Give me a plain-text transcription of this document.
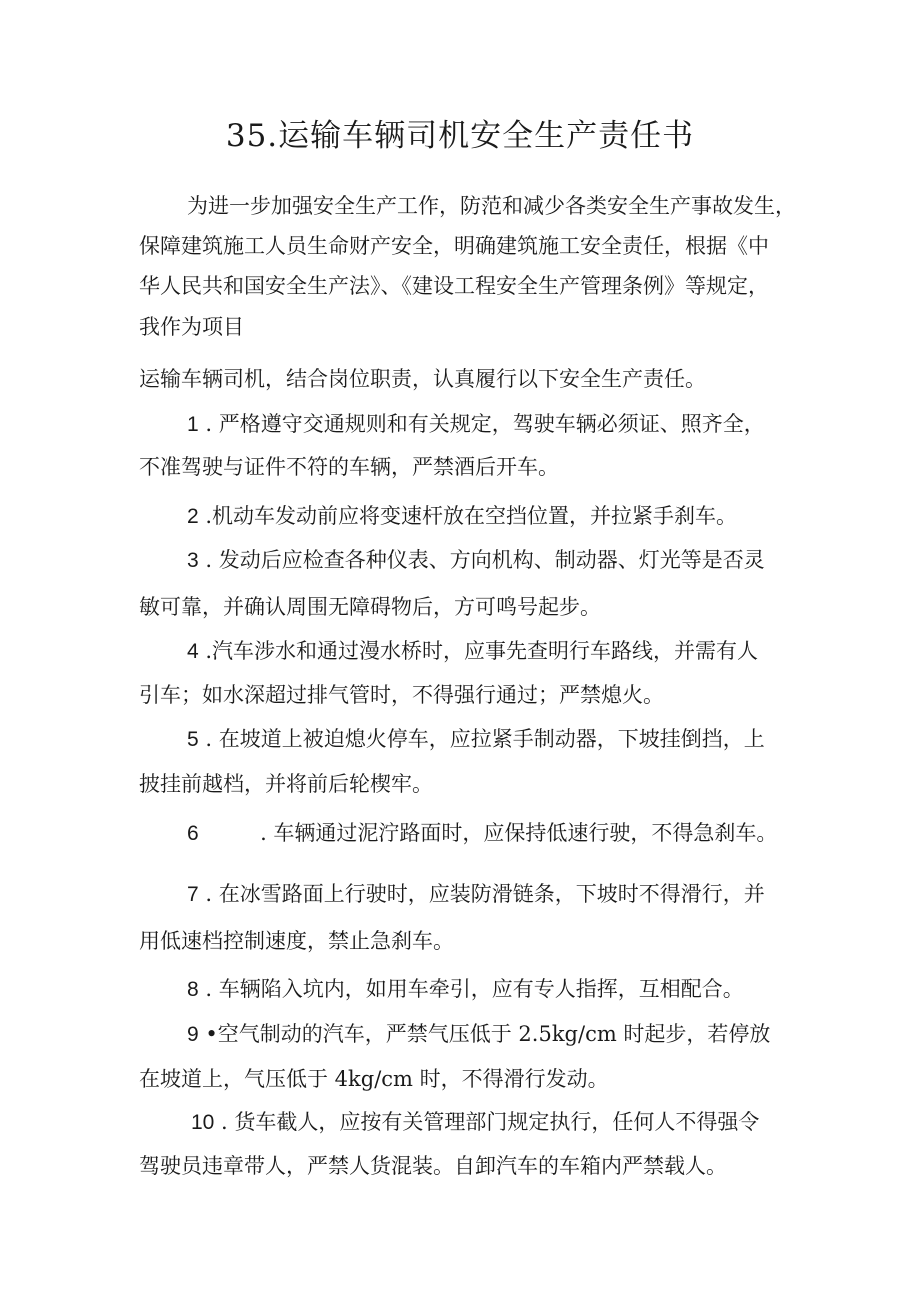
35.运输车辆司机安全生产责任书

为进一步加强安全生产工作，防范和减少各类安全生产事故发生，

保障建筑施工人员生命财产安全，明确建筑施工安全责任，根据《中

华人民共和国安全生产法》、《建设工程安全生产管理条例》等规定，

我作为项目

运输车辆司机，结合岗位职责，认真履行以下安全生产责任。

1 . 严格遵守交通规则和有关规定，驾驶车辆必须证、照齐全，

不准驾驶与证件不符的车辆，严禁酒后开车。

2 .机动车发动前应将变速杆放在空挡位置，并拉紧手刹车。

3 . 发动后应检查各种仪表、方向机构、制动器、灯光等是否灵

敏可靠，并确认周围无障碍物后，方可鸣号起步。

4 .汽车涉水和通过漫水桥时，应事先查明行车路线，并需有人

引车；如水深超过排气管时，不得强行通过；严禁熄火。

5 . 在坡道上被迫熄火停车，应拉紧手制动器，下坡挂倒挡，上

披挂前越档，并将前后轮楔牢。

6	. 车辆通过泥泞路面时，应保持低速行驶，不得急刹车。

7 . 在冰雪路面上行驶时，应装防滑链条，下坡时不得滑行，并

用低速档控制速度，禁止急刹车。

8 . 车辆陷入坑内，如用车牵引，应有专人指挥，互相配合。

9 •空气制动的汽车，严禁气压低于 2.5kg/cm 时起步，若停放

在坡道上，气压低于 4kg/cm 时，不得滑行发动。

10 . 货车截人，应按有关管理部门规定执行，任何人不得强令

驾驶员违章带人，严禁人货混装。自卸汽车的车箱内严禁载人。
